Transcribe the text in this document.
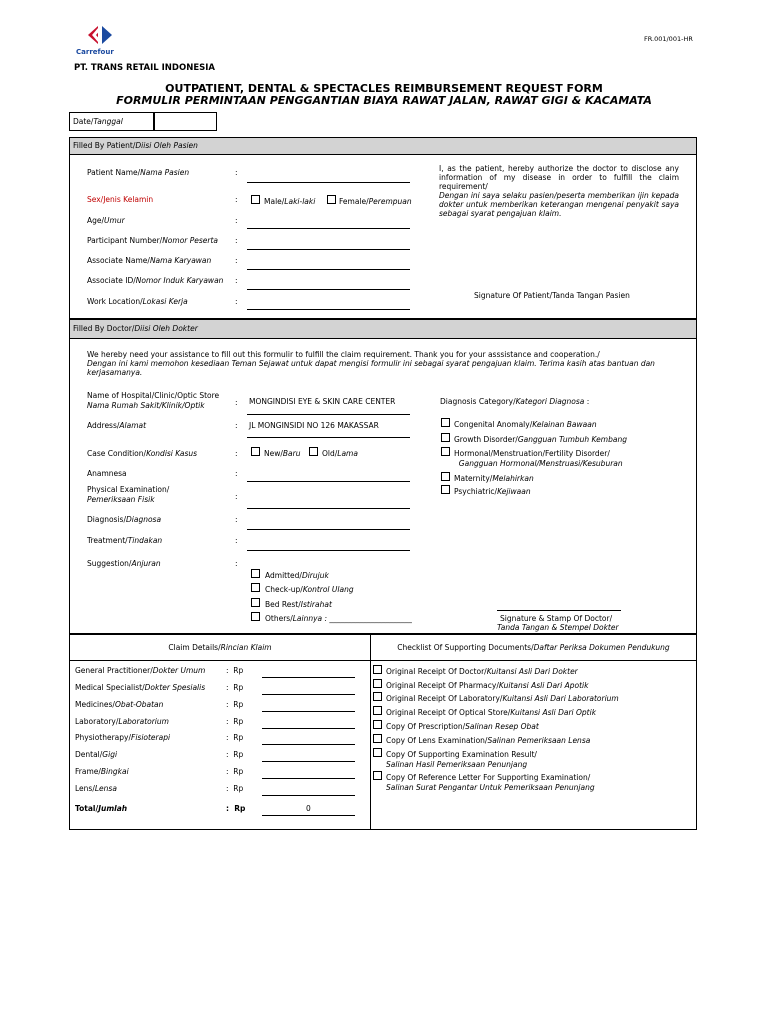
Carrefour
PT. TRANS RETAIL INDONESIA
FR.001/001-HR
OUTPATIENT, DENTAL & SPECTACLES REIMBURSEMENT REQUEST FORM
FORMULIR PERMINTAAN PENGGANTIAN BIAYA RAWAT JALAN, RAWAT GIGI & KACAMATA
Date/Tanggal
Filled By Patient/Diisi Oleh Pasien
Patient Name/Nama Pasien	:
Sex/Jenis Kelamin	:	Male/Laki-laki	Female/Perempuan
Age/Umur	:
Participant Number/Nomor Peserta :
Associate Name/Nama Karyawan	:
Associate ID/Nomor Induk Karyawan :
Work Location/Lokasi Kerja	:
I, as the patient, hereby authorize the doctor to disclose any information of my disease in order to fulfill the claim requirement/
Dengan ini saya selaku pasien/peserta memberikan ijin kepada dokter untuk memberikan keterangan mengenai penyakit saya sebagai syarat pengajuan klaim.
Signature Of Patient/Tanda Tangan Pasien
Filled By Doctor/Diisi Oleh Dokter
We hereby need your assistance to fill out this formulir to fulfill the claim requirement. Thank you for your asssistance and cooperation./
Dengan ini kami memohon kesediaan Teman Sejawat untuk dapat mengisi formulir ini sebagai syarat pengajuan klaim. Terima kasih atas bantuan dan kerjasamanya.
Name of Hospital/Clinic/Optic Store
Nama Rumah Sakit/Klinik/Optik	: MONGINDISI EYE & SKIN CARE CENTER
Address/Alamat	: JL MONGINSIDI NO 126 MAKASSAR
Case Condition/Kondisi Kasus	:	New/Baru	Old/Lama
Anamnesa	:
Physical Examination/
Pemeriksaan Fisik	:
Diagnosis/Diagnosa	:
Treatment/Tindakan	:
Suggestion/Anjuran	:
Admitted/Dirujuk
Check-up/Kontrol Ulang
Bed Rest/Istirahat
Others/Lainnya : ______________________
Diagnosis Category/Kategori Diagnosa :
Congenital Anomaly/Kelainan Bawaan
Growth Disorder/Gangguan Tumbuh Kembang
Hormonal/Menstruation/Fertility Disorder/
Gangguan Hormonal/Menstruasi/Kesuburan
Maternity/Melahirkan
Psychiatric/Kejiwaan
Signature & Stamp Of Doctor/
Tanda Tangan & Stempel Dokter
Claim Details/Rincian Klaim	Checklist Of Supporting Documents/Daftar Periksa Dokumen Pendukung
General Practitioner/Dokter Umum	:  Rp
Medical Specialist/Dokter Spesialis	:  Rp
Medicines/Obat-Obatan	:  Rp
Laboratory/Laboratorium	:  Rp
Physiotherapy/Fisioterapi	:  Rp
Dental/Gigi	:  Rp
Frame/Bingkai	:  Rp
Lens/Lensa	:  Rp
Total/Jumlah	:  Rp	0
Original Receipt Of Doctor/Kuitansi Asli Dari Dokter
Original Receipt Of Pharmacy/Kuitansi Asli Dari Apotik
Original Receipt Of Laboratory/Kuitansi Asli Dari Laboratorium
Original Receipt Of Optical Store/Kuitansi Asli Dari Optik
Copy Of Prescription/Salinan Resep Obat
Copy Of Lens Examination/Salinan Pemeriksaan Lensa
Copy Of Supporting Examination Result/
Salinan Hasil Pemeriksaan Penunjang
Copy Of Reference Letter For Supporting Examination/
Salinan Surat Pengantar Untuk Pemeriksaan Penunjang
